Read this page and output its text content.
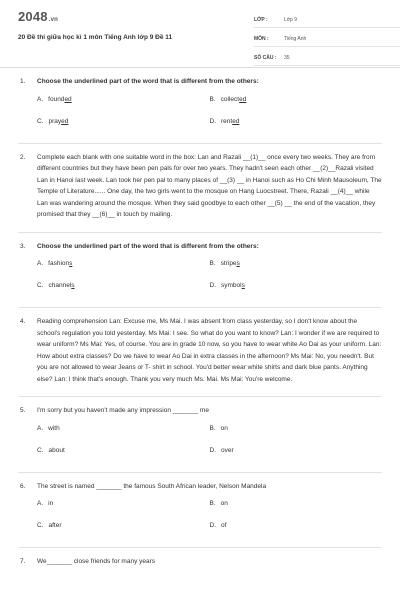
2048.vn
20 Đề thi giữa học kì 1 môn Tiếng Anh lớp 9 Đề 11
LỚP :	Lớp 9
MÔN :	Tiếng Anh
SỐ CÂU :	35
1. Choose the underlined part of the word that is different from the others:
A. founded	B. collected
C. prayed	D. rented
2. Complete each blank with one suitable word in the box: Lan and Razali __(1)__ once every two weeks. They are from different countries but they have been pen pals for over two years. They hadn't seen each other __(2)__Razali visited Lan in Hanoi last week. Lan took her pen pal to many places of __(3) __ in Hanoi such as Ho Chi Minh Mausoleum, The Temple of Literature...... One day, the two girls went to the mosque on Hang Luocstreet. There, Razali __(4)__ while Lan was wandering around the mosque. When they said goodbye to each other __(5) __ the end of the vacation, they promised that they __(6)__ in touch by mailing.
3. Choose the underlined part of the word that is different from the others:
A. fashions	B. stripes
C. channels	D. symbols
4. Reading comprehension Lan: Excuse me, Ms Mai. I was absent from class yesterday, so I don't know about the school's regulation you told yesterday. Ms Mai: I see. So what do you want to know? Lan: I wonder if we are required to wear uniform? Ms Mai: Yes, of course. You are in grade 10 now, so you have to wear white Ao Dai as your uniform. Lan: How about extra classes? Do we have to wear Ao Dai in extra classes in the afternoon? Ms Mai: No, you needn't. But you are not allowed to wear Jeans or T- shirt in school. You'd better wear white shirts and dark blue pants. Anything else? Lan: I think that's enough. Thank you very much Ms. Mai. Ms Mai: You're welcome.
5. I'm sorry but you haven't made any impression _______ me
A. with	B. on
C. about	D. over
6. The street is named _______ the famous South African leader, Nelson Mandela
A. in	B. on
C. after	D. of
7. We_______ close friends for many years
